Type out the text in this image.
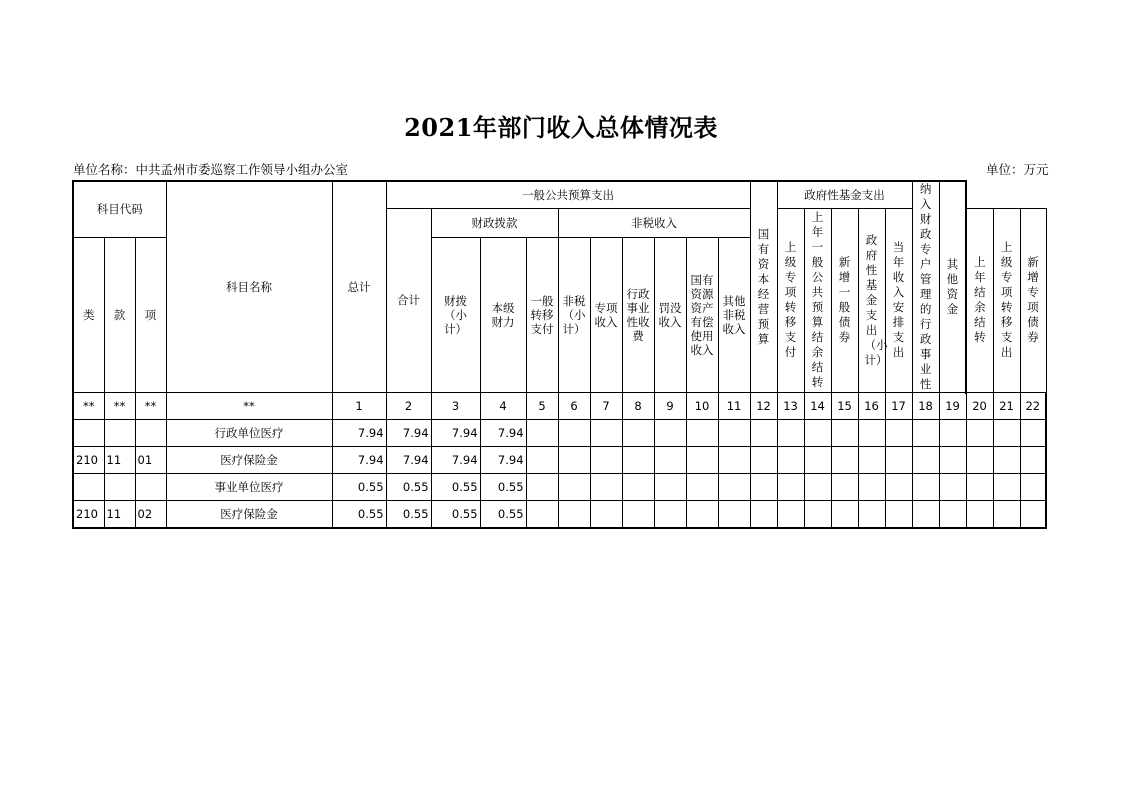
2021年部门收入总体情况表
单位名称：中共孟州市委巡察工作领导小组办公室	单位：万元
科目代码			科目名称	总计	一般公共预算支出										国有资本经营预算	政府性基金支出					纳入财政专户管理的行政事业性	其他资金			
					合计	财政拨款			非税收入							上级专项转移支付	上年一般公共预算结余结转	新增一般债券	政府性基金支出（小计）	当年收入安排支出			上年结余结转	上级专项转移支出	新增专项债券
类	款	项				财拨（小计）	本级财力	一般转移支付	非税（小计）	专项收入	行政事业性收费	罚没收入	国有资源资产有偿使用收入	其他非税收入											

**	**	**	**	1	2	3	4	5	6	7	8	9	10	11	12	13	14	15	16	17	18	19	20	21	22
			行政单位医疗	7.94	7.94	7.94	7.94																		
210	11	01	医疗保险金	7.94	7.94	7.94	7.94																		
			事业单位医疗	0.55	0.55	0.55	0.55																		
210	11	02	医疗保险金	0.55	0.55	0.55	0.55																		
